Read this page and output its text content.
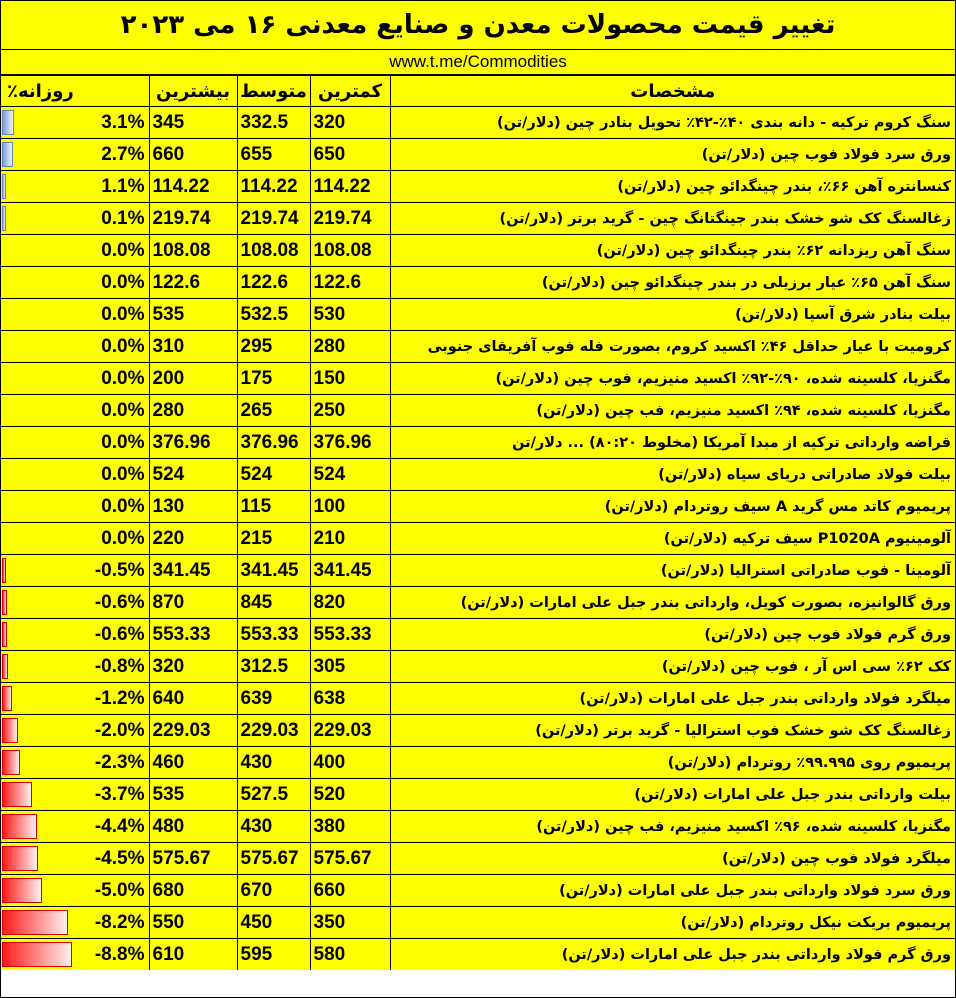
تغییر قیمت محصولات معدن و صنایع معدنی ۱۶ می ۲۰۲۳
www.t.me/Commodities
روزانه٪	بیشترین	متوسط	کمترین	مشخصات

3.1%	345	332.5	320	سنگ کروم ترکیه - دانه بندی ۴۰٪-۴۲٪ تحویل بنادر چین (دلار/تن)

2.7%	660	655	650	ورق سرد فولاد فوب چین (دلار/تن)

1.1%	114.22	114.22	114.22	کنسانتره آهن ۶۶٪، بندر چینگدائو چین (دلار/تن)

0.1%	219.74	219.74	219.74	زغالسنگ کک شو خشک بندر جینگتانگ چین - گرید برتر (دلار/تن)

0.0%	108.08	108.08	108.08	سنگ آهن ریزدانه ۶۲٪ بندر چینگدائو چین (دلار/تن)

0.0%	122.6	122.6	122.6	سنگ آهن ۶۵٪ عیار برزیلی در بندر چینگدائو چین (دلار/تن)

0.0%	535	532.5	530	بیلت بنادر شرق آسیا (دلار/تن)

0.0%	310	295	280	کرومیت با عیار حداقل ۴۶٪ اکسید کروم، بصورت فله فوب آفریقای جنوبی

0.0%	200	175	150	مگنزیا، کلسینه شده، ۹۰٪-۹۲٪ اکسید منیزیم، فوب چین (دلار/تن)

0.0%	280	265	250	مگنزیا، کلسینه شده، ۹۴٪ اکسید منیزیم، فب چین (دلار/تن)

0.0%	376.96	376.96	376.96	قراضه وارداتی ترکیه از مبدا آمریکا (مخلوط ۸۰:۲۰) ... دلار/تن

0.0%	524	524	524	بیلت فولاد صادراتی دریای سیاه (دلار/تن)

0.0%	130	115	100	پریمیوم کاتد مس گرید A سیف روتردام (دلار/تن)

0.0%	220	215	210	آلومینیوم P1020A سیف ترکیه (دلار/تن)

-0.5%	341.45	341.45	341.45	آلومینا - فوب صادراتی استرالیا (دلار/تن)

-0.6%	870	845	820	ورق گالوانیزه، بصورت کویل، وارداتی بندر جبل علی امارات (دلار/تن)

-0.6%	553.33	553.33	553.33	ورق گرم فولاد فوب چین (دلار/تن)

-0.8%	320	312.5	305	کک ۶۲٪ سی اس آر ، فوب چین (دلار/تن)

-1.2%	640	639	638	میلگرد فولاد وارداتی بندر جبل علی امارات (دلار/تن)

-2.0%	229.03	229.03	229.03	زغالسنگ کک شو خشک فوب استرالیا - گرید برتر (دلار/تن)

-2.3%	460	430	400	پریمیوم روی ۹۹.۹۹۵٪ روتردام (دلار/تن)

-3.7%	535	527.5	520	بیلت وارداتی بندر جبل علی امارات (دلار/تن)

-4.4%	480	430	380	مگنزیا، کلسینه شده، ۹۶٪ اکسید منیزیم، فب چین (دلار/تن)

-4.5%	575.67	575.67	575.67	میلگرد فولاد فوب چین (دلار/تن)

-5.0%	680	670	660	ورق سرد فولاد وارداتی بندر جبل علی امارات (دلار/تن)

-8.2%	550	450	350	پریمیوم بریکت نیکل روتردام (دلار/تن)

-8.8%	610	595	580	ورق گرم فولاد وارداتی بندر جبل علی امارات (دلار/تن)
